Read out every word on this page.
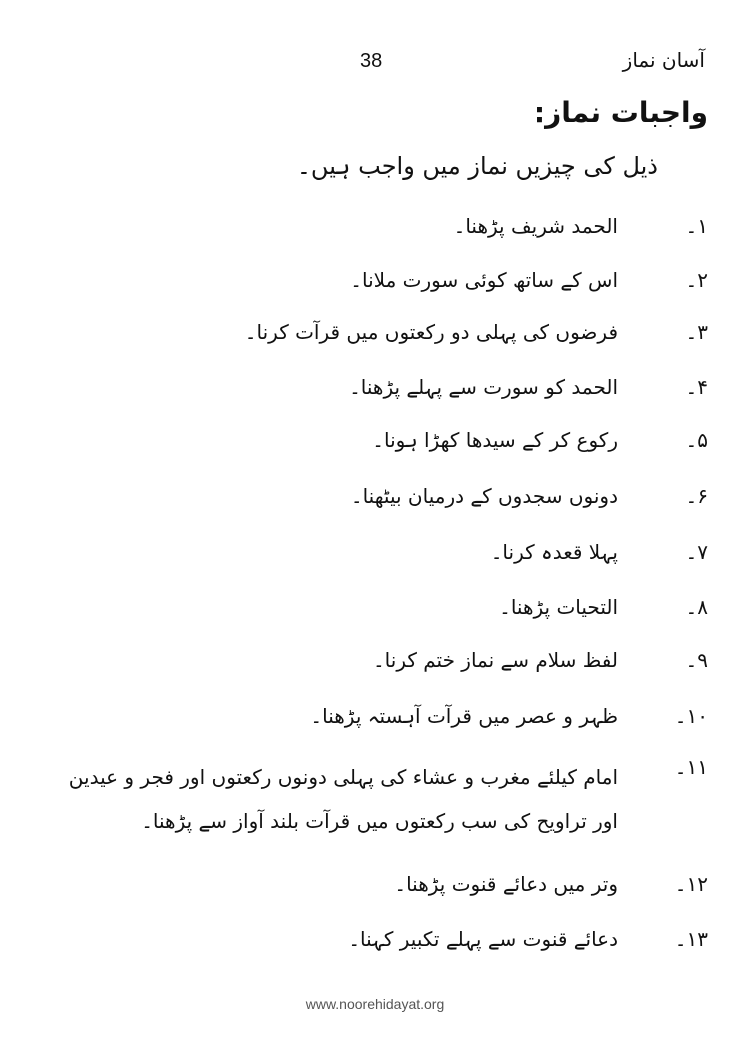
38	آسان نماز
واجبات نماز:
ذیل کی چیزیں نماز میں واجب ہیں۔
۱۔
الحمد شریف پڑھنا۔
۲۔
اس کے ساتھ کوئی سورت ملانا۔
۳۔
فرضوں کی پہلی دو رکعتوں میں قرآت کرنا۔
۴۔
الحمد کو سورت سے پہلے پڑھنا۔
۵۔
رکوع کر کے سیدھا کھڑا ہونا۔
۶۔
دونوں سجدوں کے درمیان بیٹھنا۔
۷۔
پہلا قعدہ کرنا۔
۸۔
التحیات پڑھنا۔
۹۔
لفظ سلام سے نماز ختم کرنا۔
۱۰۔
ظہر و عصر میں قرآت آہستہ پڑھنا۔
۱۱۔
امام کیلئے مغرب و عشاء کی پہلی دونوں رکعتوں اور فجر و عیدین اور تراویح کی سب رکعتوں میں قرآت بلند آواز سے پڑھنا۔
۱۲۔
وتر میں دعائے قنوت پڑھنا۔
۱۳۔
دعائے قنوت سے پہلے تکبیر کہنا۔
www.noorehidayat.org
